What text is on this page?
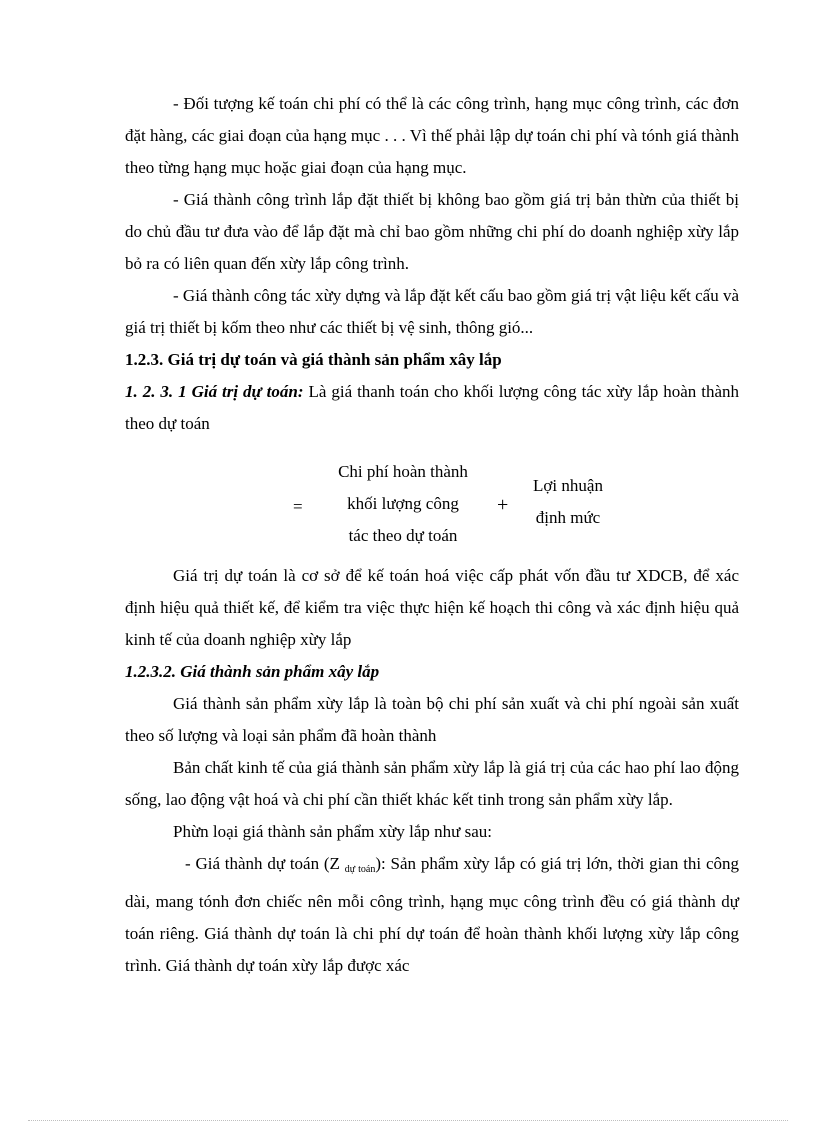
- Đối tượng kế toán chi phí có thể là các công trình, hạng mục công trình, các đơn đặt hàng, các giai đoạn của hạng mục . . . Vì thế phải lập dự toán chi phí và tónh giá thành theo từng hạng mục hoặc giai đoạn của hạng mục.

- Giá thành công trình lắp đặt thiết bị không bao gồm giá trị bản thừn của thiết bị do chủ đầu tư đưa vào để lắp đặt mà chỉ bao gồm những chi phí do doanh nghiệp xừy lắp bỏ ra có liên quan đến xừy lắp công trình.

- Giá thành công tác xừy dựng và lắp đặt kết cấu bao gồm giá trị vật liệu kết cấu và giá trị thiết bị kốm theo như các thiết bị vệ sinh, thông gió...

1.2.3. Giá trị dự toán và giá thành sản phẩm xây lắp

1. 2. 3. 1 Giá trị dự toán: Là giá thanh toán cho khối lượng công tác xừy lắp hoàn thành theo dự toán

=
Chi phí hoàn thành
khối lượng công
tác theo dự toán
+
Lợi nhuận
định mức

Giá trị dự toán là cơ sở để kế toán hoá việc cấp phát vốn đầu tư XDCB, để xác định hiệu quả thiết kế, để kiểm tra việc thực hiện kế hoạch thi công và xác định hiệu quả kinh tế của doanh nghiệp xừy lắp

1.2.3.2. Giá thành sản phẩm xây lắp

Giá thành sản phẩm xừy lắp là toàn bộ chi phí sản xuất và chi phí ngoài sản xuất theo số lượng và loại sản phẩm đã hoàn thành

Bản chất kinh tế của giá thành sản phẩm xừy lắp là giá trị của các hao phí lao động sống, lao động vật hoá và chi phí cần thiết khác kết tinh trong sản phẩm xừy lắp.

Phừn loại giá thành sản phẩm xừy lắp như sau:

- Giá thành dự toán (Z $_{dự toán}$): Sản phẩm xừy lắp có giá trị lớn, thời gian thi công dài, mang tónh đơn chiếc nên mỗi công trình, hạng mục công trình đều có giá thành dự toán riêng. Giá thành dự toán là chi phí dự toán để hoàn thành khối lượng xừy lắp công trình. Giá thành dự toán xừy lắp được xác
